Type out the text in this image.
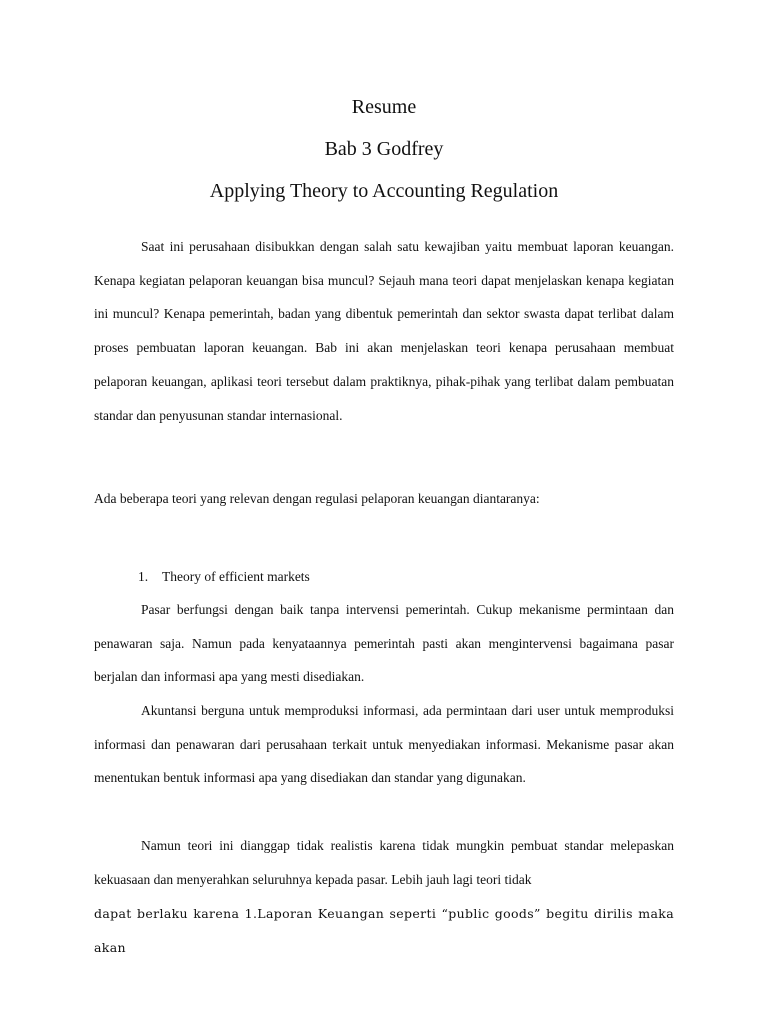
Resume
Bab 3 Godfrey
Applying Theory to Accounting Regulation

Saat ini perusahaan disibukkan dengan salah satu kewajiban yaitu membuat laporan keuangan. Kenapa kegiatan pelaporan keuangan bisa muncul? Sejauh mana teori dapat menjelaskan kenapa kegiatan ini muncul? Kenapa pemerintah, badan yang dibentuk pemerintah dan sektor swasta dapat terlibat dalam proses pembuatan laporan keuangan. Bab ini akan menjelaskan teori kenapa perusahaan membuat pelaporan keuangan, aplikasi teori tersebut dalam praktiknya, pihak-pihak yang terlibat dalam pembuatan standar dan penyusunan standar internasional.

Ada beberapa teori yang relevan dengan regulasi pelaporan keuangan diantaranya:

1. Theory of efficient markets

Pasar berfungsi dengan baik tanpa intervensi pemerintah. Cukup mekanisme permintaan dan penawaran saja. Namun pada kenyataannya pemerintah pasti akan mengintervensi bagaimana pasar berjalan dan informasi apa yang mesti disediakan.

Akuntansi berguna untuk memproduksi informasi, ada permintaan dari user untuk memproduksi informasi dan penawaran dari perusahaan terkait untuk menyediakan informasi. Mekanisme pasar akan menentukan bentuk informasi apa yang disediakan dan standar yang digunakan.

Namun teori ini dianggap tidak realistis karena tidak mungkin pembuat standar melepaskan kekuasaan dan menyerahkan seluruhnya kepada pasar. Lebih jauh lagi teori tidak

dapat berlaku karena 1.Laporan Keuangan seperti “public goods” begitu dirilis maka akan
